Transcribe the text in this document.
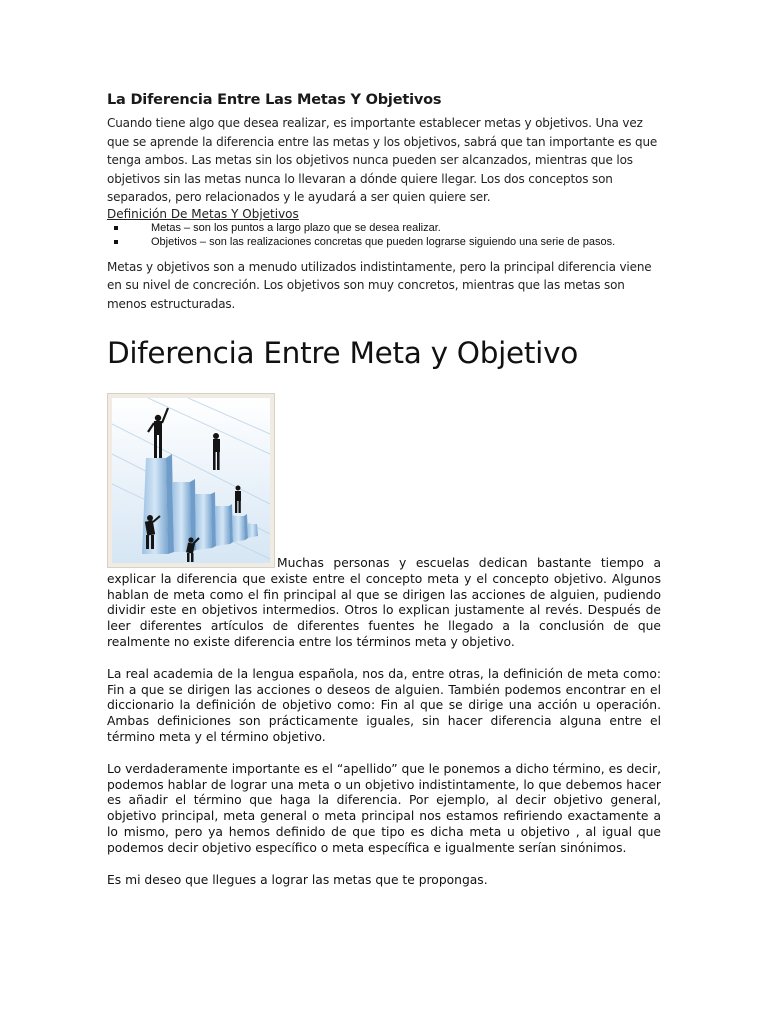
La Diferencia Entre Las Metas Y Objetivos

Cuando tiene algo que desea realizar, es importante establecer metas y objetivos. Una vez que se aprende la diferencia entre las metas y los objetivos, sabrá que tan importante es que tenga ambos. Las metas sin los objetivos nunca pueden ser alcanzados, mientras que los objetivos sin las metas nunca lo llevaran a dónde quiere llegar. Los dos conceptos son separados, pero relacionados y le ayudará a ser quien quiere ser.

Definición De Metas Y Objetivos
Metas – son los puntos a largo plazo que se desea realizar.
Objetivos – son las realizaciones concretas que pueden lograrse siguiendo una serie de pasos.

Metas y objetivos son a menudo utilizados indistintamente, pero la principal diferencia viene en su nivel de concreción. Los objetivos son muy concretos, mientras que las metas son menos estructuradas.

Diferencia Entre Meta y Objetivo

Muchas personas y escuelas dedican bastante tiempo a explicar la diferencia que existe entre el concepto meta y el concepto objetivo. Algunos hablan de meta como el fin principal al que se dirigen las acciones de alguien, pudiendo dividir este en objetivos intermedios. Otros lo explican justamente al revés. Después de leer diferentes artículos de diferentes fuentes he llegado a la conclusión de que realmente no existe diferencia entre los términos meta y objetivo.

La real academia de la lengua española, nos da, entre otras, la definición de meta como: Fin a que se dirigen las acciones o deseos de alguien. También podemos encontrar en el diccionario la definición de objetivo como: Fin al que se dirige una acción u operación. Ambas definiciones son prácticamente iguales, sin hacer diferencia alguna entre el término meta y el término objetivo.

Lo verdaderamente importante es el “apellido” que le ponemos a dicho término, es decir, podemos hablar de lograr una meta o un objetivo indistintamente, lo que debemos hacer es añadir el término que haga la diferencia. Por ejemplo, al decir objetivo general, objetivo principal, meta general o meta principal nos estamos refiriendo exactamente a lo mismo, pero ya hemos definido de que tipo es dicha meta u objetivo , al igual que podemos decir objetivo específico o meta específica e igualmente serían sinónimos.

Es mi deseo que llegues a lograr las metas que te propongas.
